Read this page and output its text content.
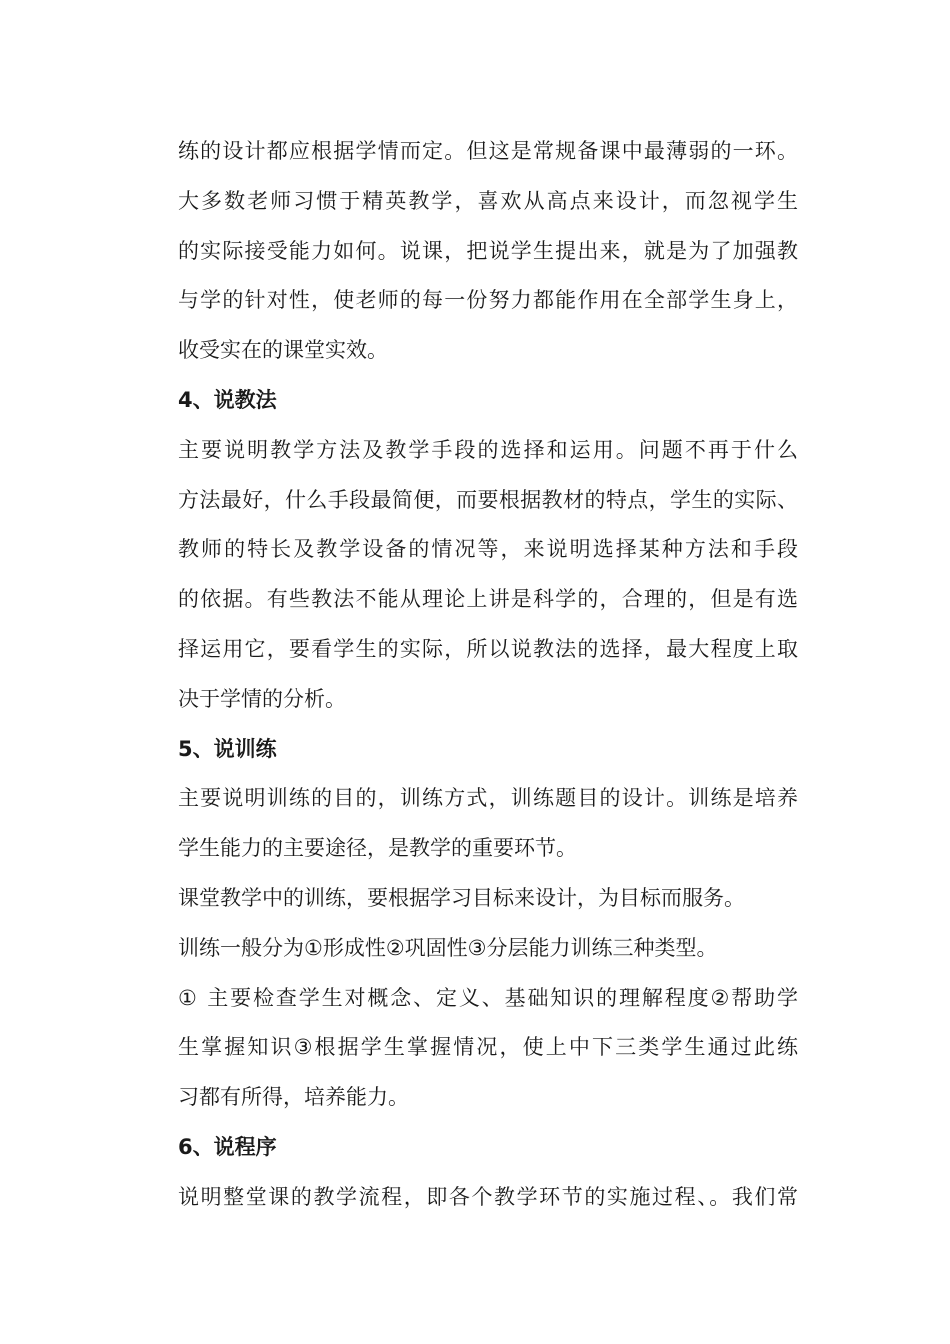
练的设计都应根据学情而定。但这是常规备课中最薄弱的一环。
大多数老师习惯于精英教学，喜欢从高点来设计，而忽视学生
的实际接受能力如何。说课，把说学生提出来，就是为了加强教
与学的针对性，使老师的每一份努力都能作用在全部学生身上，
收受实在的课堂实效。
4、说教法
主要说明教学方法及教学手段的选择和运用。问题不再于什么
方法最好，什么手段最简便，而要根据教材的特点，学生的实际、
教师的特长及教学设备的情况等，来说明选择某种方法和手段
的依据。有些教法不能从理论上讲是科学的，合理的，但是有选
择运用它，要看学生的实际，所以说教法的选择，最大程度上取
决于学情的分析。
5、说训练
主要说明训练的目的，训练方式，训练题目的设计。训练是培养
学生能力的主要途径，是教学的重要环节。
课堂教学中的训练，要根据学习目标来设计，为目标而服务。
训练一般分为①形成性②巩固性③分层能力训练三种类型。
① 主要检查学生对概念、定义、基础知识的理解程度②帮助学
生掌握知识③根据学生掌握情况，使上中下三类学生通过此练
习都有所得，培养能力。
6、说程序
说明整堂课的教学流程，即各个教学环节的实施过程、。我们常
